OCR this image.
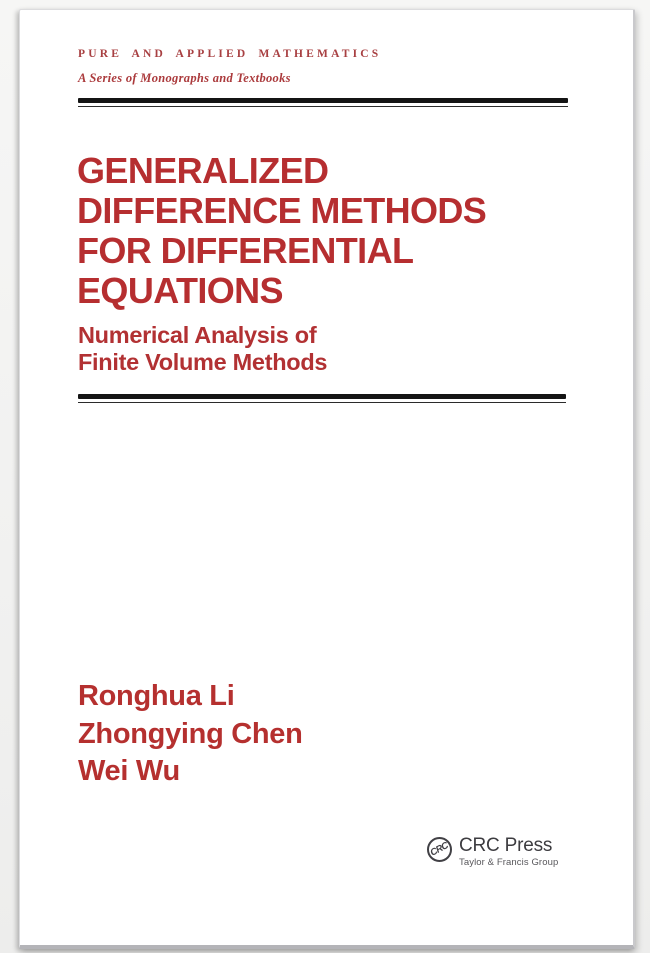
PURE AND APPLIED MATHEMATICS
A Series of Monographs and Textbooks
GENERALIZED
DIFFERENCE METHODS
FOR DIFFERENTIAL
EQUATIONS
Numerical Analysis of
Finite Volume Methods
Ronghua Li
Zhongying Chen
Wei Wu
CRC CRC Press
Taylor & Francis Group
